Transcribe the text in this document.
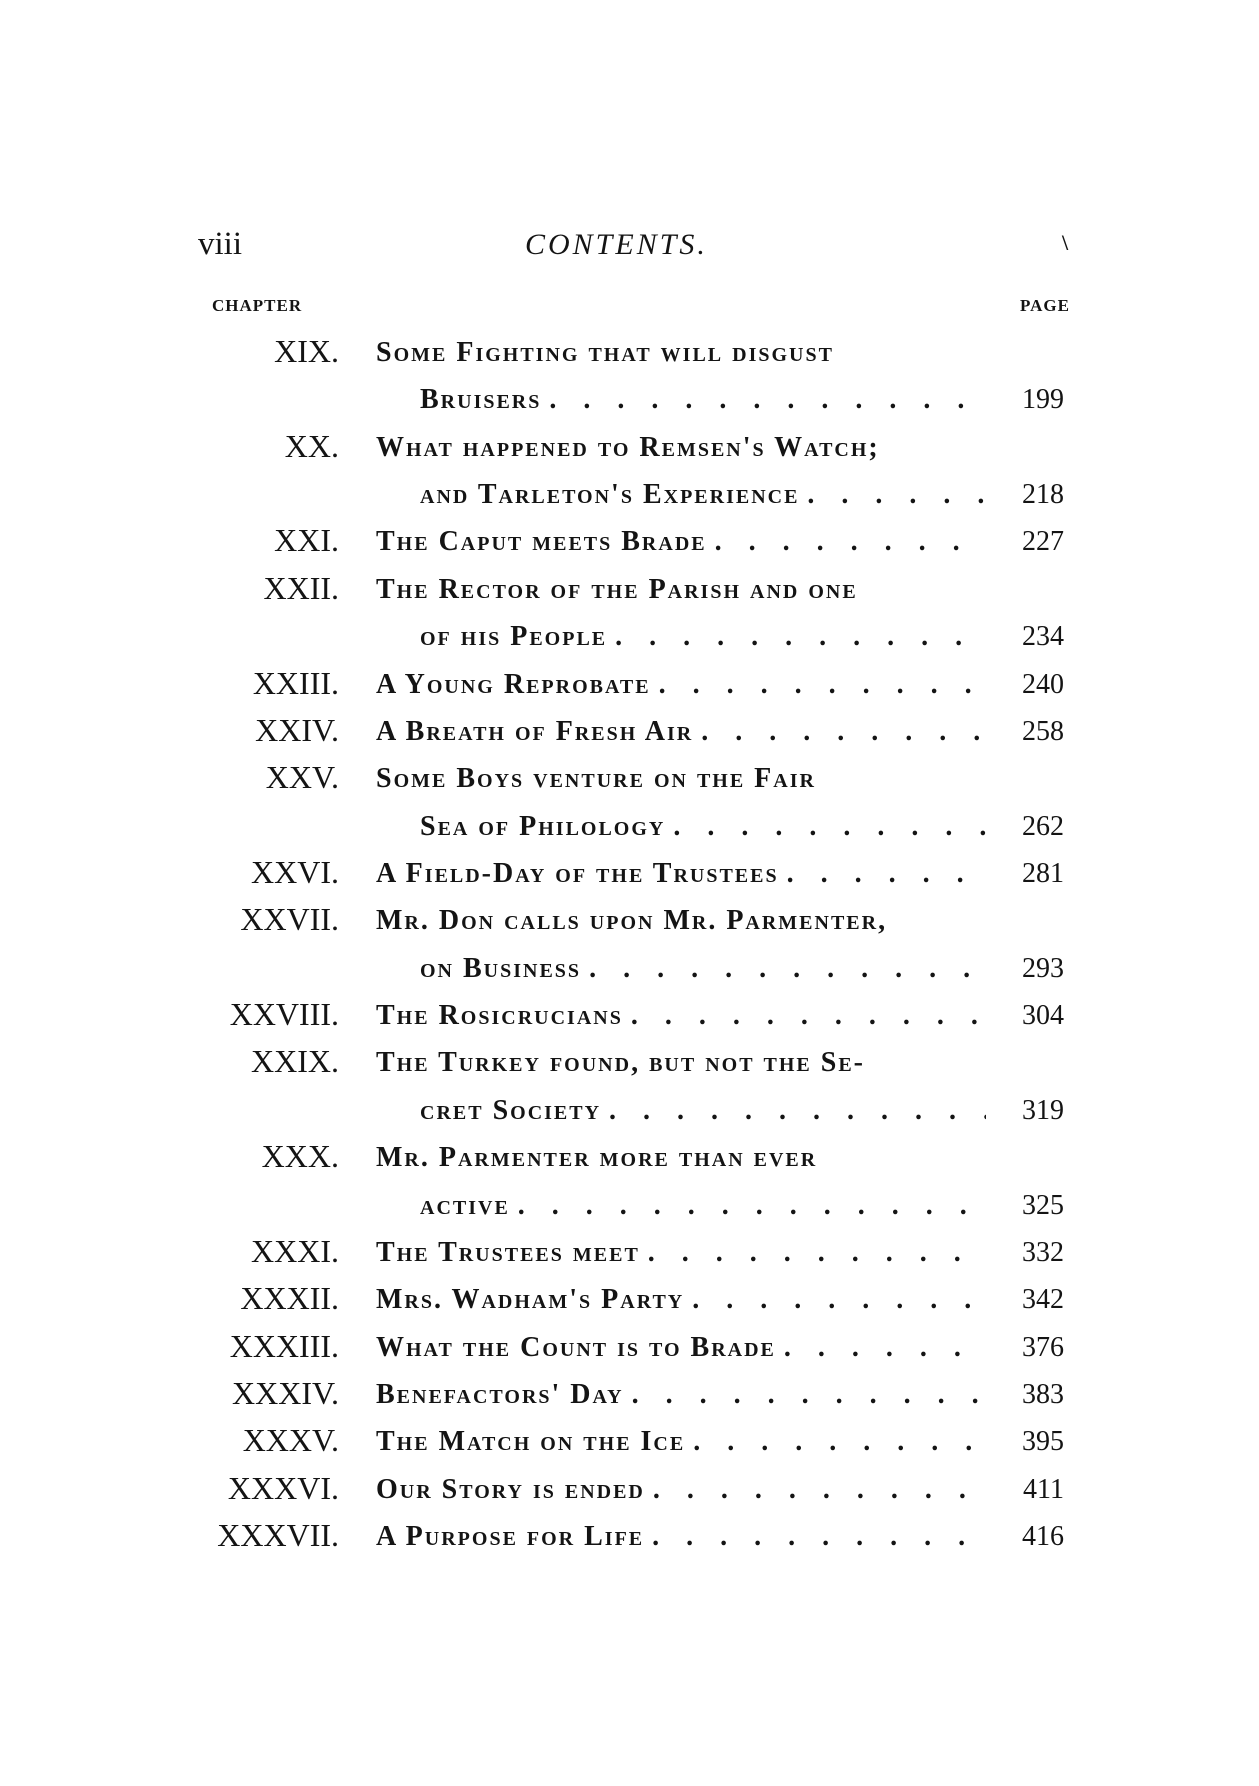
viii	CONTENTS.	\
CHAPTER	PAGE
XIX. Some Fighting that will disgust
Bruisers . . .	199
XX. What happened to Remsen's Watch;
and Tarleton's Experience . . .	218
XXI. The Caput meets Brade . . .	227
XXII. The Rector of the Parish and one
of his People . . .	234
XXIII. A Young Reprobate . . .	240
XXIV. A Breath of Fresh Air . . .	258
XXV. Some Boys venture on the Fair
Sea of Philology . . .	262
XXVI. A Field-Day of the Trustees . . .	281
XXVII. Mr. Don calls upon Mr. Parmenter,
on Business . . .	293
XXVIII. The Rosicrucians . . .	304
XXIX. The Turkey found, but not the Se-
cret Society . . .	319
XXX. Mr. Parmenter more than ever
active . . .	325
XXXI. The Trustees meet . . .	332
XXXII. Mrs. Wadham's Party . . .	342
XXXIII. What the Count is to Brade . . .	376
XXXIV. Benefactors' Day . . .	383
XXXV. The Match on the Ice . . .	395
XXXVI. Our Story is ended . . .	411
XXXVII. A Purpose for Life . . .	416
